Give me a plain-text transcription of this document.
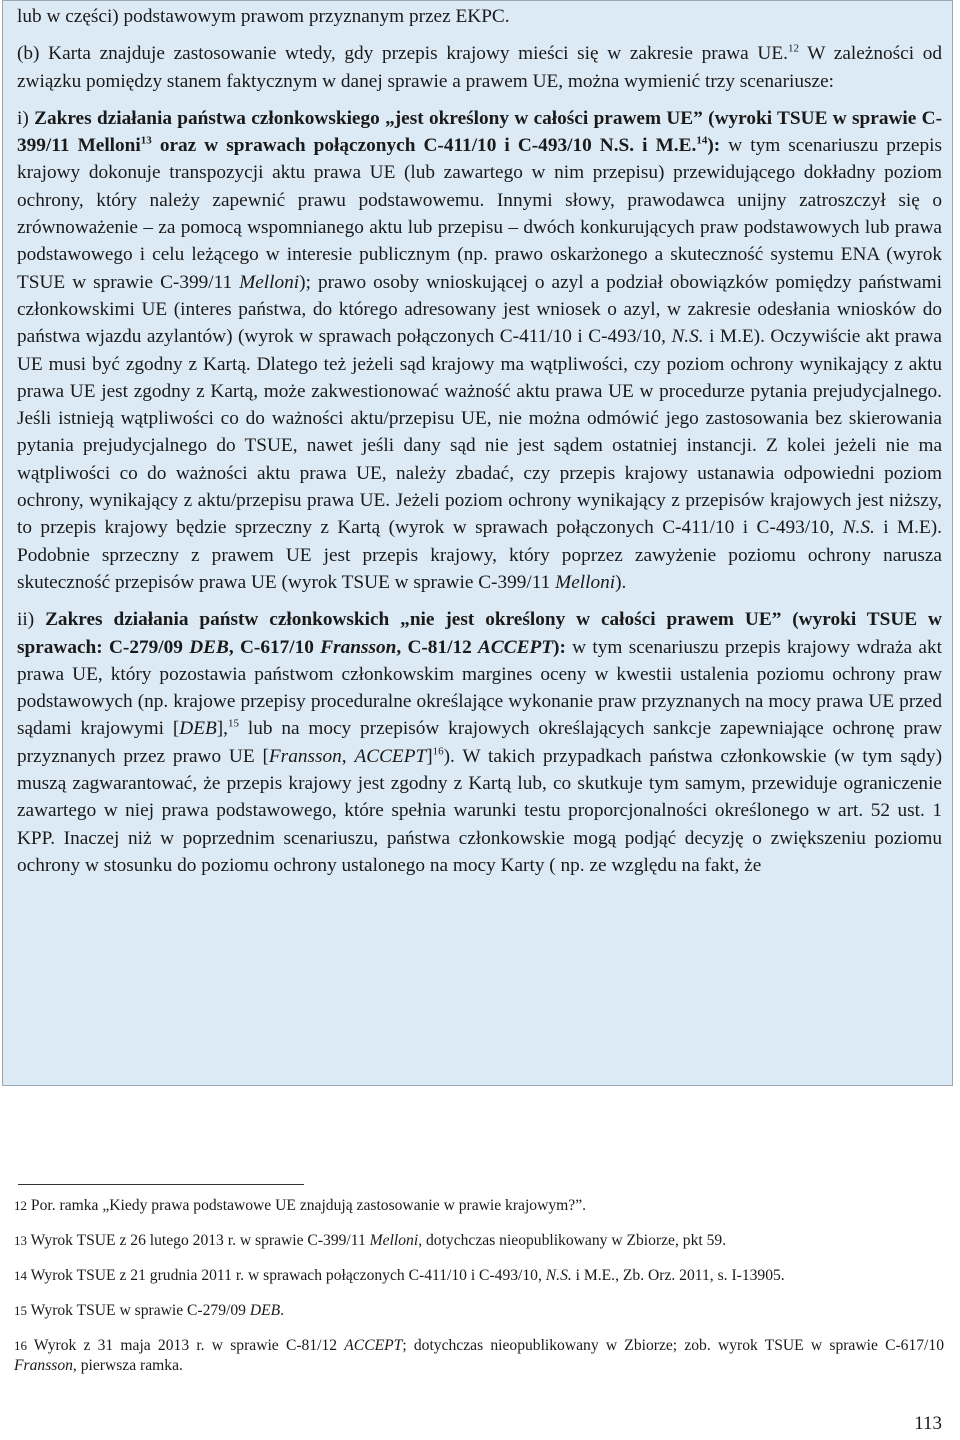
lub w części) podstawowym prawom przyznanym przez EKPC.

(b) Karta znajduje zastosowanie wtedy, gdy przepis krajowy mieści się w zakresie prawa UE.$^{12}$ W zależności od związku pomiędzy stanem faktycznym w danej sprawie a prawem UE, można wymienić trzy scenariusze:

i) Zakres działania państwa członkowskiego „jest określony w całości prawem UE” (wyroki TSUE w sprawie C-399/11 Melloni$^{13}$ oraz w sprawach połączonych C-411/10 i C-493/10 N.S. i M.E.$^{14}$): w tym scenariuszu przepis krajowy dokonuje transpozycji aktu prawa UE (lub zawartego w nim przepisu) przewidującego dokładny poziom ochrony, który należy zapewnić prawu podstawowemu. Innymi słowy, prawodawca unijny zatroszczył się o zrównoważenie – za pomocą wspomnianego aktu lub przepisu – dwóch konkurujących praw podstawowych lub prawa podstawowego i celu leżącego w interesie publicznym (np. prawo oskarżonego a skuteczność systemu ENA (wyrok TSUE w sprawie C-399/11 Melloni); prawo osoby wnioskującej o azyl a podział obowiązków pomiędzy państwami członkowskimi UE (interes państwa, do którego adresowany jest wniosek o azyl, w zakresie odesłania wniosków do państwa wjazdu azylantów) (wyrok w sprawach połączonych C-411/10 i C-493/10, N.S. i M.E). Oczywiście akt prawa UE musi być zgodny z Kartą. Dlatego też jeżeli sąd krajowy ma wątpliwości, czy poziom ochrony wynikający z aktu prawa UE jest zgodny z Kartą, może zakwestionować ważność aktu prawa UE w procedurze pytania prejudycjalnego. Jeśli istnieją wątpliwości co do ważności aktu/przepisu UE, nie można odmówić jego zastosowania bez skierowania pytania prejudycjalnego do TSUE, nawet jeśli dany sąd nie jest sądem ostatniej instancji. Z kolei jeżeli nie ma wątpliwości co do ważności aktu prawa UE, należy zbadać, czy przepis krajowy ustanawia odpowiedni poziom ochrony, wynikający z aktu/przepisu prawa UE. Jeżeli poziom ochrony wynikający z przepisów krajowych jest niższy, to przepis krajowy będzie sprzeczny z Kartą (wyrok w sprawach połączonych C-411/10 i C-493/10, N.S. i M.E). Podobnie sprzeczny z prawem UE jest przepis krajowy, który poprzez zawyżenie poziomu ochrony narusza skuteczność przepisów prawa UE (wyrok TSUE w sprawie C-399/11 Melloni).

ii) Zakres działania państw członkowskich „nie jest określony w całości prawem UE” (wyroki TSUE w sprawach: C-279/09 DEB, C-617/10 Fransson, C-81/12 ACCEPT): w tym scenariuszu przepis krajowy wdraża akt prawa UE, który pozostawia państwom członkowskim margines oceny w kwestii ustalenia poziomu ochrony praw podstawowych (np. krajowe przepisy proceduralne określające wykonanie praw przyznanych na mocy prawa UE przed sądami krajowymi [DEB],$^{15}$ lub na mocy przepisów krajowych określających sankcje zapewniające ochronę praw przyznanych przez prawo UE [Fransson, ACCEPT]$^{16}$). W takich przypadkach państwa członkowskie (w tym sądy) muszą zagwarantować, że przepis krajowy jest zgodny z Kartą lub, co skutkuje tym samym, przewiduje ograniczenie zawartego w niej prawa podstawowego, które spełnia warunki testu proporcjonalności określonego w art. 52 ust. 1 KPP. Inaczej niż w poprzednim scenariuszu, państwa członkowskie mogą podjąć decyzję o zwiększeniu poziomu ochrony w stosunku do poziomu ochrony ustalonego na mocy Karty ( np. ze względu na fakt, że

12 Por. ramka „Kiedy prawa podstawowe UE znajdują zastosowanie w prawie krajowym?”.

13 Wyrok TSUE z 26 lutego 2013 r. w sprawie C-399/11 Melloni, dotychczas nieopublikowany w Zbiorze, pkt 59.

14 Wyrok TSUE z 21 grudnia 2011 r. w sprawach połączonych C-411/10 i C-493/10, N.S. i M.E., Zb. Orz. 2011, s. I-13905.

15 Wyrok TSUE w sprawie C-279/09 DEB.

16 Wyrok z 31 maja 2013 r. w sprawie C-81/12 ACCEPT; dotychczas nieopublikowany w Zbiorze; zob. wyrok TSUE w sprawie C-617/10 Fransson, pierwsza ramka.

113
